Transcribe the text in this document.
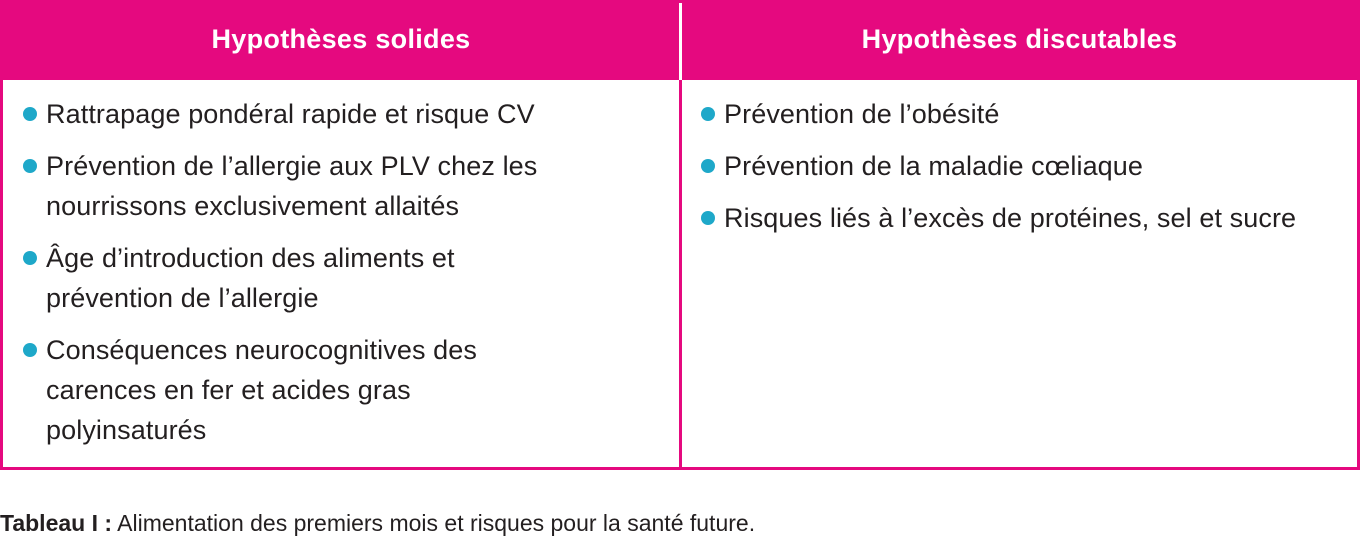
Hypothèses solides	Hypothèses discutables
Rattrapage pondéral rapide et risque CV
Prévention de l’allergie aux PLV chez les nourrissons exclusivement allaités
Âge d’introduction des aliments et prévention de l’allergie
Conséquences neurocognitives des carences en fer et acides gras polyinsaturés
Prévention de l’obésité
Prévention de la maladie cœliaque
Risques liés à l’excès de protéines, sel et sucre
Tableau I : Alimentation des premiers mois et risques pour la santé future.
